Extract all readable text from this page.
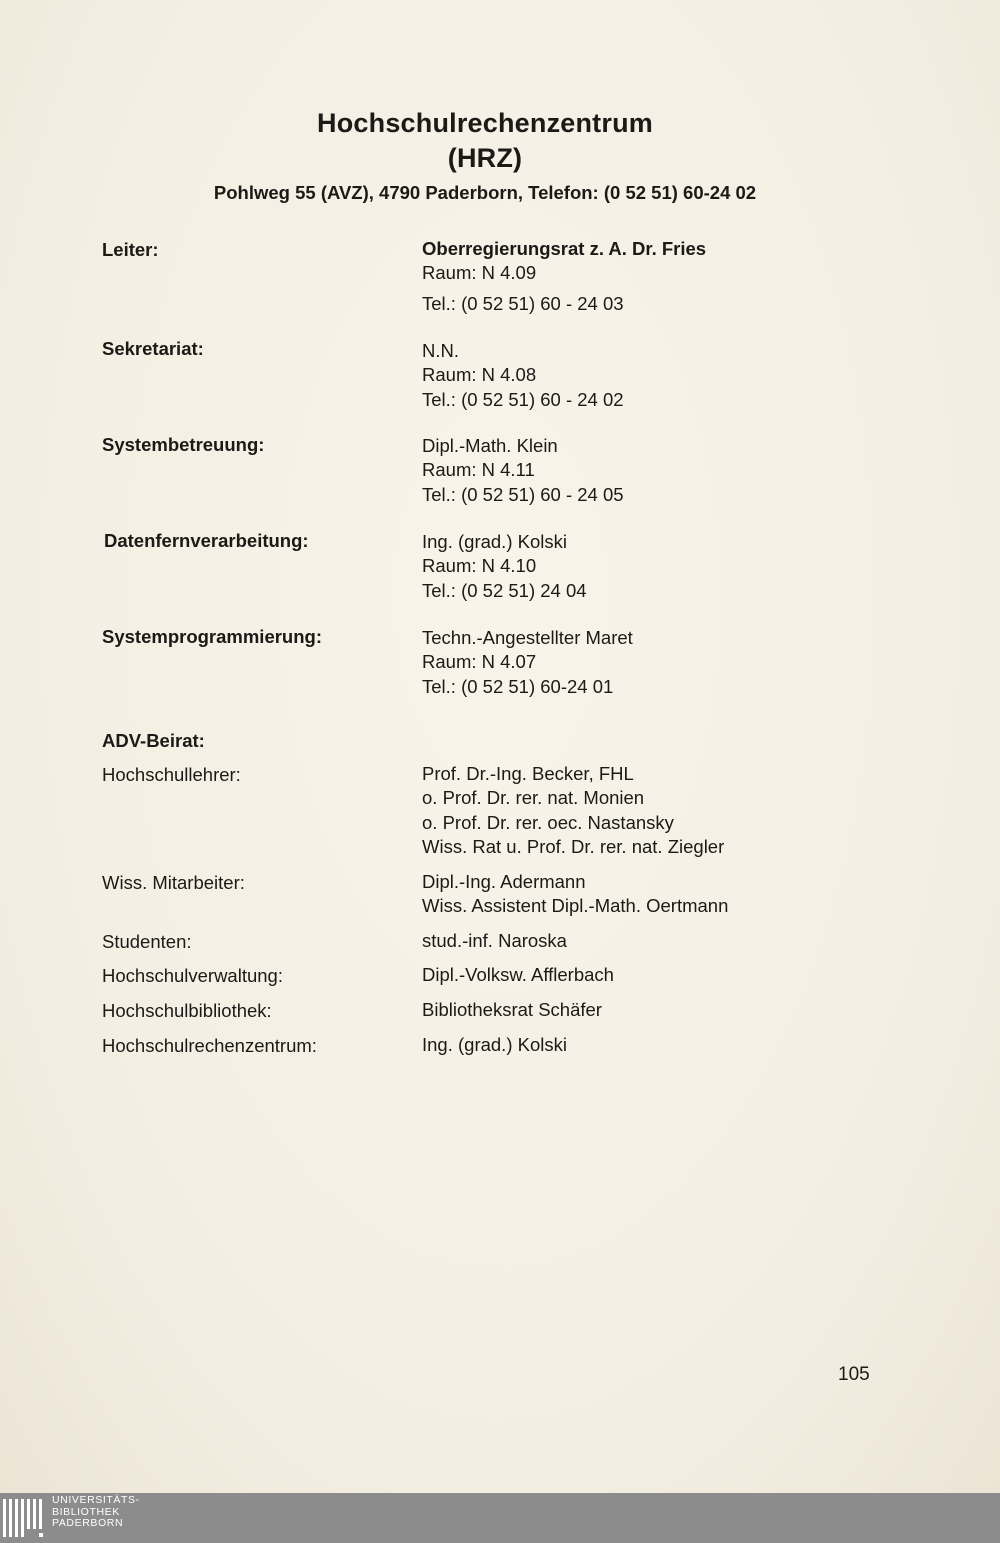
Hochschulrechenzentrum
(HRZ)
Pohlweg 55 (AVZ), 4790 Paderborn, Telefon: (0 52 51) 60-24 02
Leiter:	Oberregierungsrat z. A. Dr. Fries
Raum: N 4.09
Tel.: (0 52 51) 60 - 24 03
Sekretariat:	N.N.
Raum: N 4.08
Tel.: (0 52 51) 60 - 24 02
Systembetreuung:	Dipl.-Math. Klein
Raum: N 4.11
Tel.: (0 52 51) 60 - 24 05
Datenfernverarbeitung:	Ing. (grad.) Kolski
Raum: N 4.10
Tel.: (0 52 51) 24 04
Systemprogrammierung:	Techn.-Angestellter Maret
Raum: N 4.07
Tel.: (0 52 51) 60-24 01
ADV-Beirat:
Hochschullehrer:	Prof. Dr.-Ing. Becker, FHL
o. Prof. Dr. rer. nat. Monien
o. Prof. Dr. rer. oec. Nastansky
Wiss. Rat u. Prof. Dr. rer. nat. Ziegler
Wiss. Mitarbeiter:	Dipl.-Ing. Adermann
Wiss. Assistent Dipl.-Math. Oertmann
Studenten:	stud.-inf. Naroska
Hochschulverwaltung:	Dipl.-Volksw. Afflerbach
Hochschulbibliothek:	Bibliotheksrat Schäfer
Hochschulrechenzentrum:	Ing. (grad.) Kolski
105
UNIVERSITÄTS-
BIBLIOTHEK
PADERBORN
